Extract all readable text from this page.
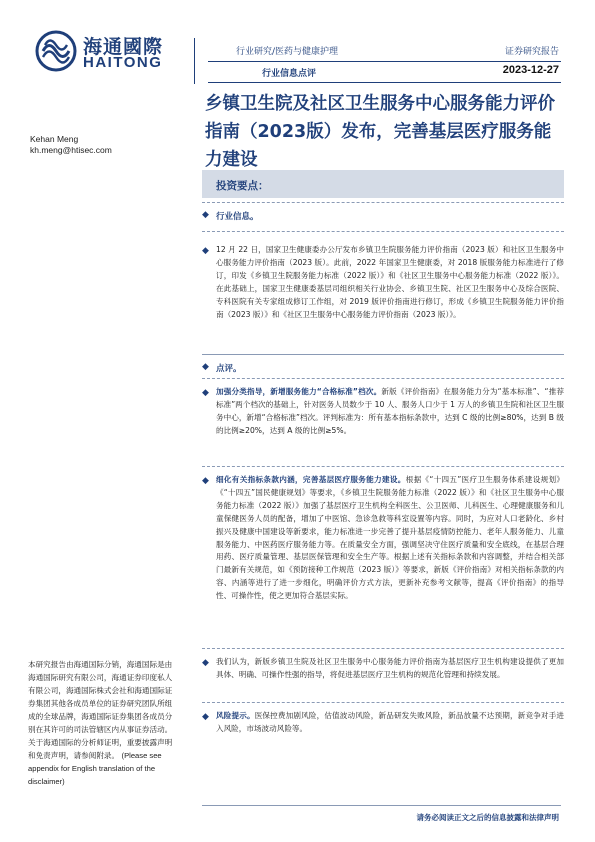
海通國際
HAITONG
行业研究/医药与健康护理
行业信息点评
证券研究报告
2023-12-27
乡镇卫生院及社区卫生服务中心服务能力评价指南（2023版）发布，完善基层医疗服务能力建设
Kehan Meng
kh.meng@htisec.com
投资要点：
◆ 行业信息。
◆ 12 月 22 日，国家卫生健康委办公厅发布乡镇卫生院服务能力评价指南（2023 版）和社区卫生服务中心服务能力评价指南（2023 版）。此前，2022 年国家卫生健康委，对 2018 版服务能力标准进行了修订，印发《乡镇卫生院服务能力标准（2022 版）》和《社区卫生服务中心服务能力标准（2022 版）》。在此基础上，国家卫生健康委基层司组织相关行业协会、乡镇卫生院、社区卫生服务中心及综合医院、专科医院有关专家组成修订工作组，对 2019 版评价指南进行修订，形成《乡镇卫生院服务能力评价指南（2023 版）》和《社区卫生服务中心服务能力评价指南（2023 版）》。

◆ 点评。
◆ 加强分类指导，新增服务能力“合格标准”档次。新版《评价指南》在服务能力分为“基本标准”、“推荐标准”两个档次的基础上，针对医务人员数少于 10 人、服务人口少于 1 万人的乡镇卫生院和社区卫生服务中心，新增“合格标准”档次。评判标准为：所有基本指标条款中，达到 C 级的比例≥80%，达到 B 级的比例≥20%，达到 A 级的比例≥5%。

◆ 细化有关指标条款内涵，完善基层医疗服务能力建设。根据《“十四五”医疗卫生服务体系建设规划》《“十四五”国民健康规划》等要求，《乡镇卫生院服务能力标准（2022 版）》和《社区卫生服务中心服务能力标准（2022 版）》加强了基层医疗卫生机构全科医生、公卫医师、儿科医生、心理健康服务和儿童保健医务人员的配备，增加了中医馆、急诊急救等科室设置等内容。同时，为应对人口老龄化、乡村振兴及健康中国建设等新要求，能力标准进一步完善了提升基层疫情防控能力、老年人服务能力、儿童服务能力、中医药医疗服务能力等。在质量安全方面，强调坚决守住医疗质量和安全底线，在基层合理用药、医疗质量管理、基层医保管理和安全生产等。根据上述有关指标条款和内容调整，并结合相关部门最新有关规范，如《预防接种工作规范（2023 版）》等要求，新版《评价指南》对相关指标条款的内容、内涵等进行了进一步细化，明确评价方式方法，更新补充参考文献等，提高《评价指南》的指导性、可操作性，使之更加符合基层实际。

◆ 我们认为，新版乡镇卫生院及社区卫生服务中心服务能力评价指南为基层医疗卫生机构建设提供了更加具体、明确、可操作性强的指导，将促进基层医疗卫生机构的规范化管理和持续发展。

◆ 风险提示。医保控费加剧风险，估值波动风险，新品研发失败风险，新品放量不达预期，新竞争对手进入风险，市场波动风险等。

本研究报告由海通国际分销，海通国际是由海通国际研究有限公司，海通证券印度私人有限公司，海通国际株式会社和海通国际证券集团其他各成员单位的证券研究团队所组成的全球品牌，海通国际证券集团各成员分别在其许可的司法管辖区内从事证券活动。关于海通国际的分析师证明，重要披露声明和免责声明，请参阅附录。 (Please see appendix for English translation of the disclaimer)
请务必阅读正文之后的信息披露和法律声明
